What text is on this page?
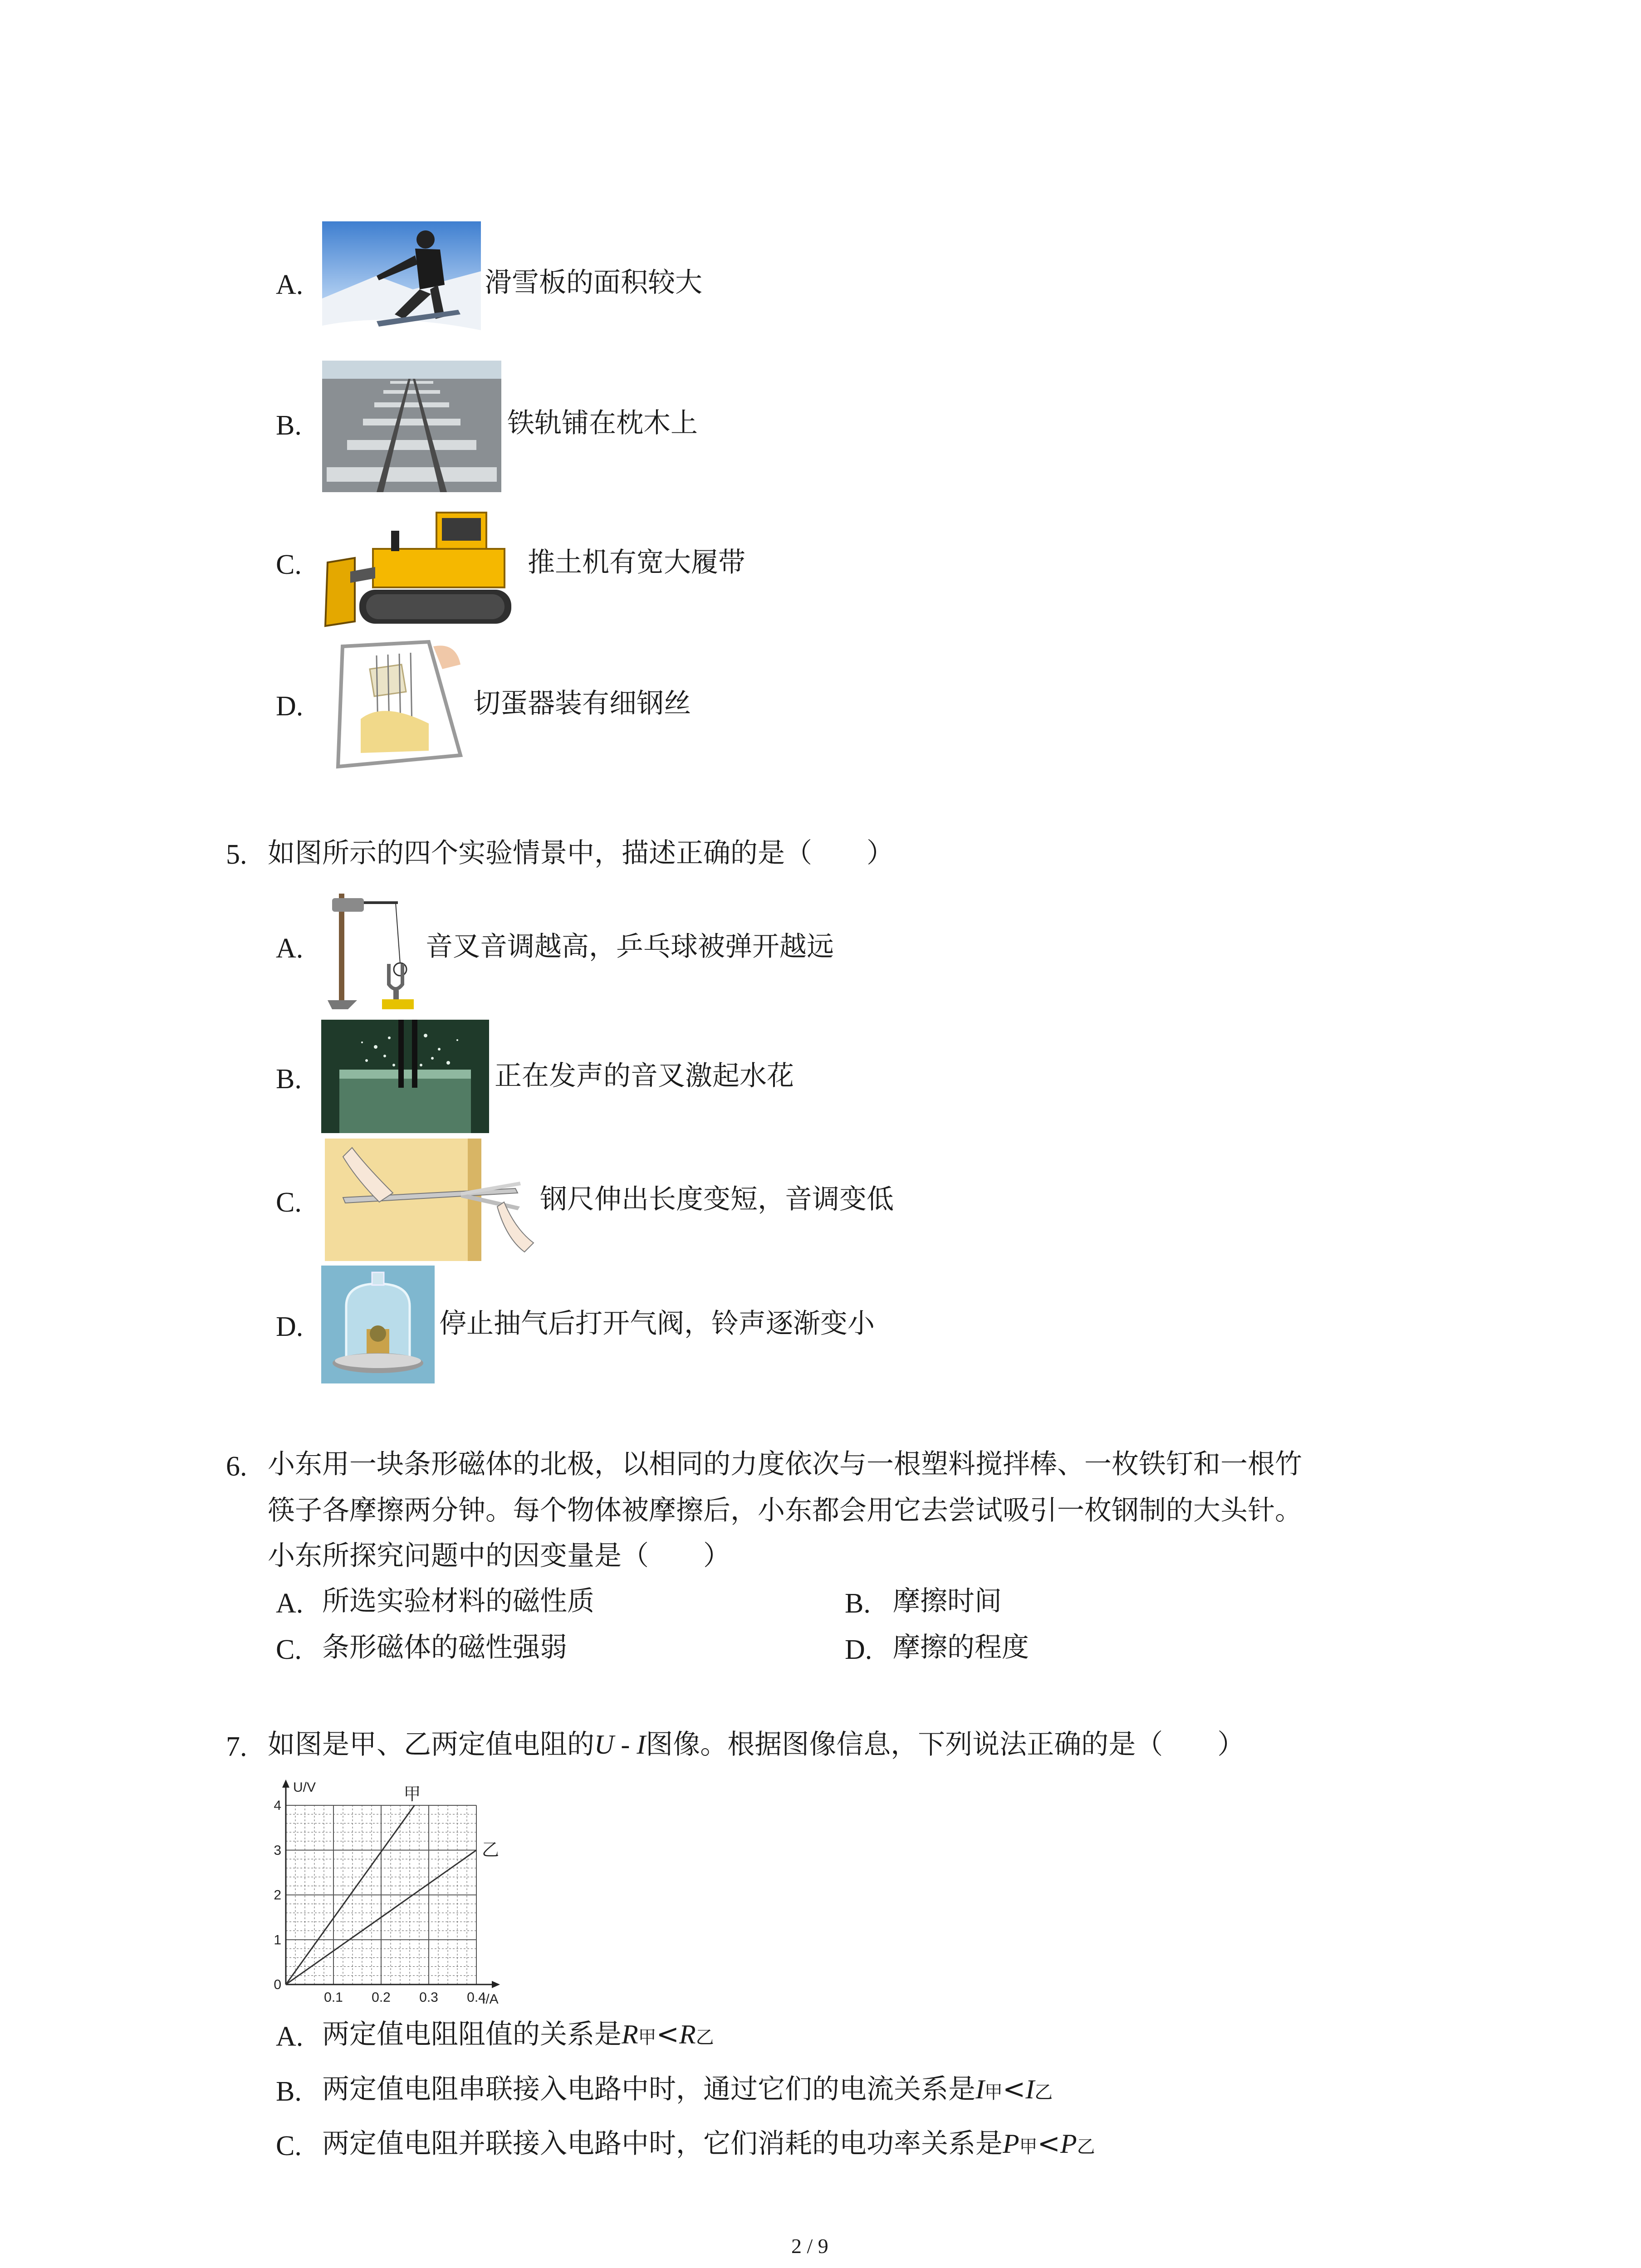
A.	滑雪板的面积较大
B.	铁轨铺在枕木上
C.	推土机有宽大履带
D.	切蛋器装有细钢丝
5. 如图所示的四个实验情景中，描述正确的是（　　）
A.	音叉音调越高，乒乓球被弹开越远
B.	正在发声的音叉激起水花
C.	钢尺伸出长度变短，音调变低
D.	停止抽气后打开气阀，铃声逐渐变小
6. 小东用一块条形磁体的北极，以相同的力度依次与一根塑料搅拌棒、一枚铁钉和一根竹
筷子各摩擦两分钟。每个物体被摩擦后，小东都会用它去尝试吸引一枚钢制的大头针。
小东所探究问题中的因变量是（　　）
A. 所选实验材料的磁性质	B. 摩擦时间
C. 条形磁体的磁性强弱	D. 摩擦的程度
7. 如图是甲、乙两定值电阻的U - I图像。根据图像信息，下列说法正确的是（　　）
0.1 0.2 0.3 0.4
0
1
2
3
4
甲
乙
U/V
I/A
A. 两定值电阻阻值的关系是R甲<R乙
B. 两定值电阻串联接入电路中时，通过它们的电流关系是I甲<I乙
C. 两定值电阻并联接入电路中时，它们消耗的电功率关系是P甲<P乙
2 / 9
